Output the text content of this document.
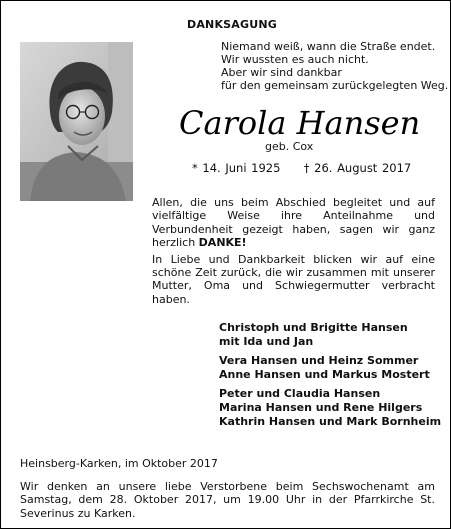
DANKSAGUNG
Niemand weiß, wann die Straße endet.
Wir wussten es auch nicht.
Aber wir sind dankbar
für den gemeinsam zurückgelegten Weg.
Carola Hansen
geb. Cox
* 14. Juni 1925 † 26. August 2017

Allen, die uns beim Abschied begleitet und auf vielfältige Weise ihre Anteilnahme und Verbundenheit gezeigt haben, sagen wir ganz herzlich DANKE!

In Liebe und Dankbarkeit blicken wir auf eine schöne Zeit zurück, die wir zusammen mit unserer Mutter, Oma und Schwiegermutter verbracht haben.

Christoph und Brigitte Hansen
mit Ida und Jan
Vera Hansen und Heinz Sommer
Anne Hansen und Markus Mostert
Peter und Claudia Hansen
Marina Hansen und Rene Hilgers
Kathrin Hansen und Mark Bornheim
Heinsberg-Karken, im Oktober 2017
Wir denken an unsere liebe Verstorbene beim Sechswochenamt am Samstag, dem 28. Oktober 2017, um 19.00 Uhr in der Pfarrkirche St. Severinus zu Karken.
